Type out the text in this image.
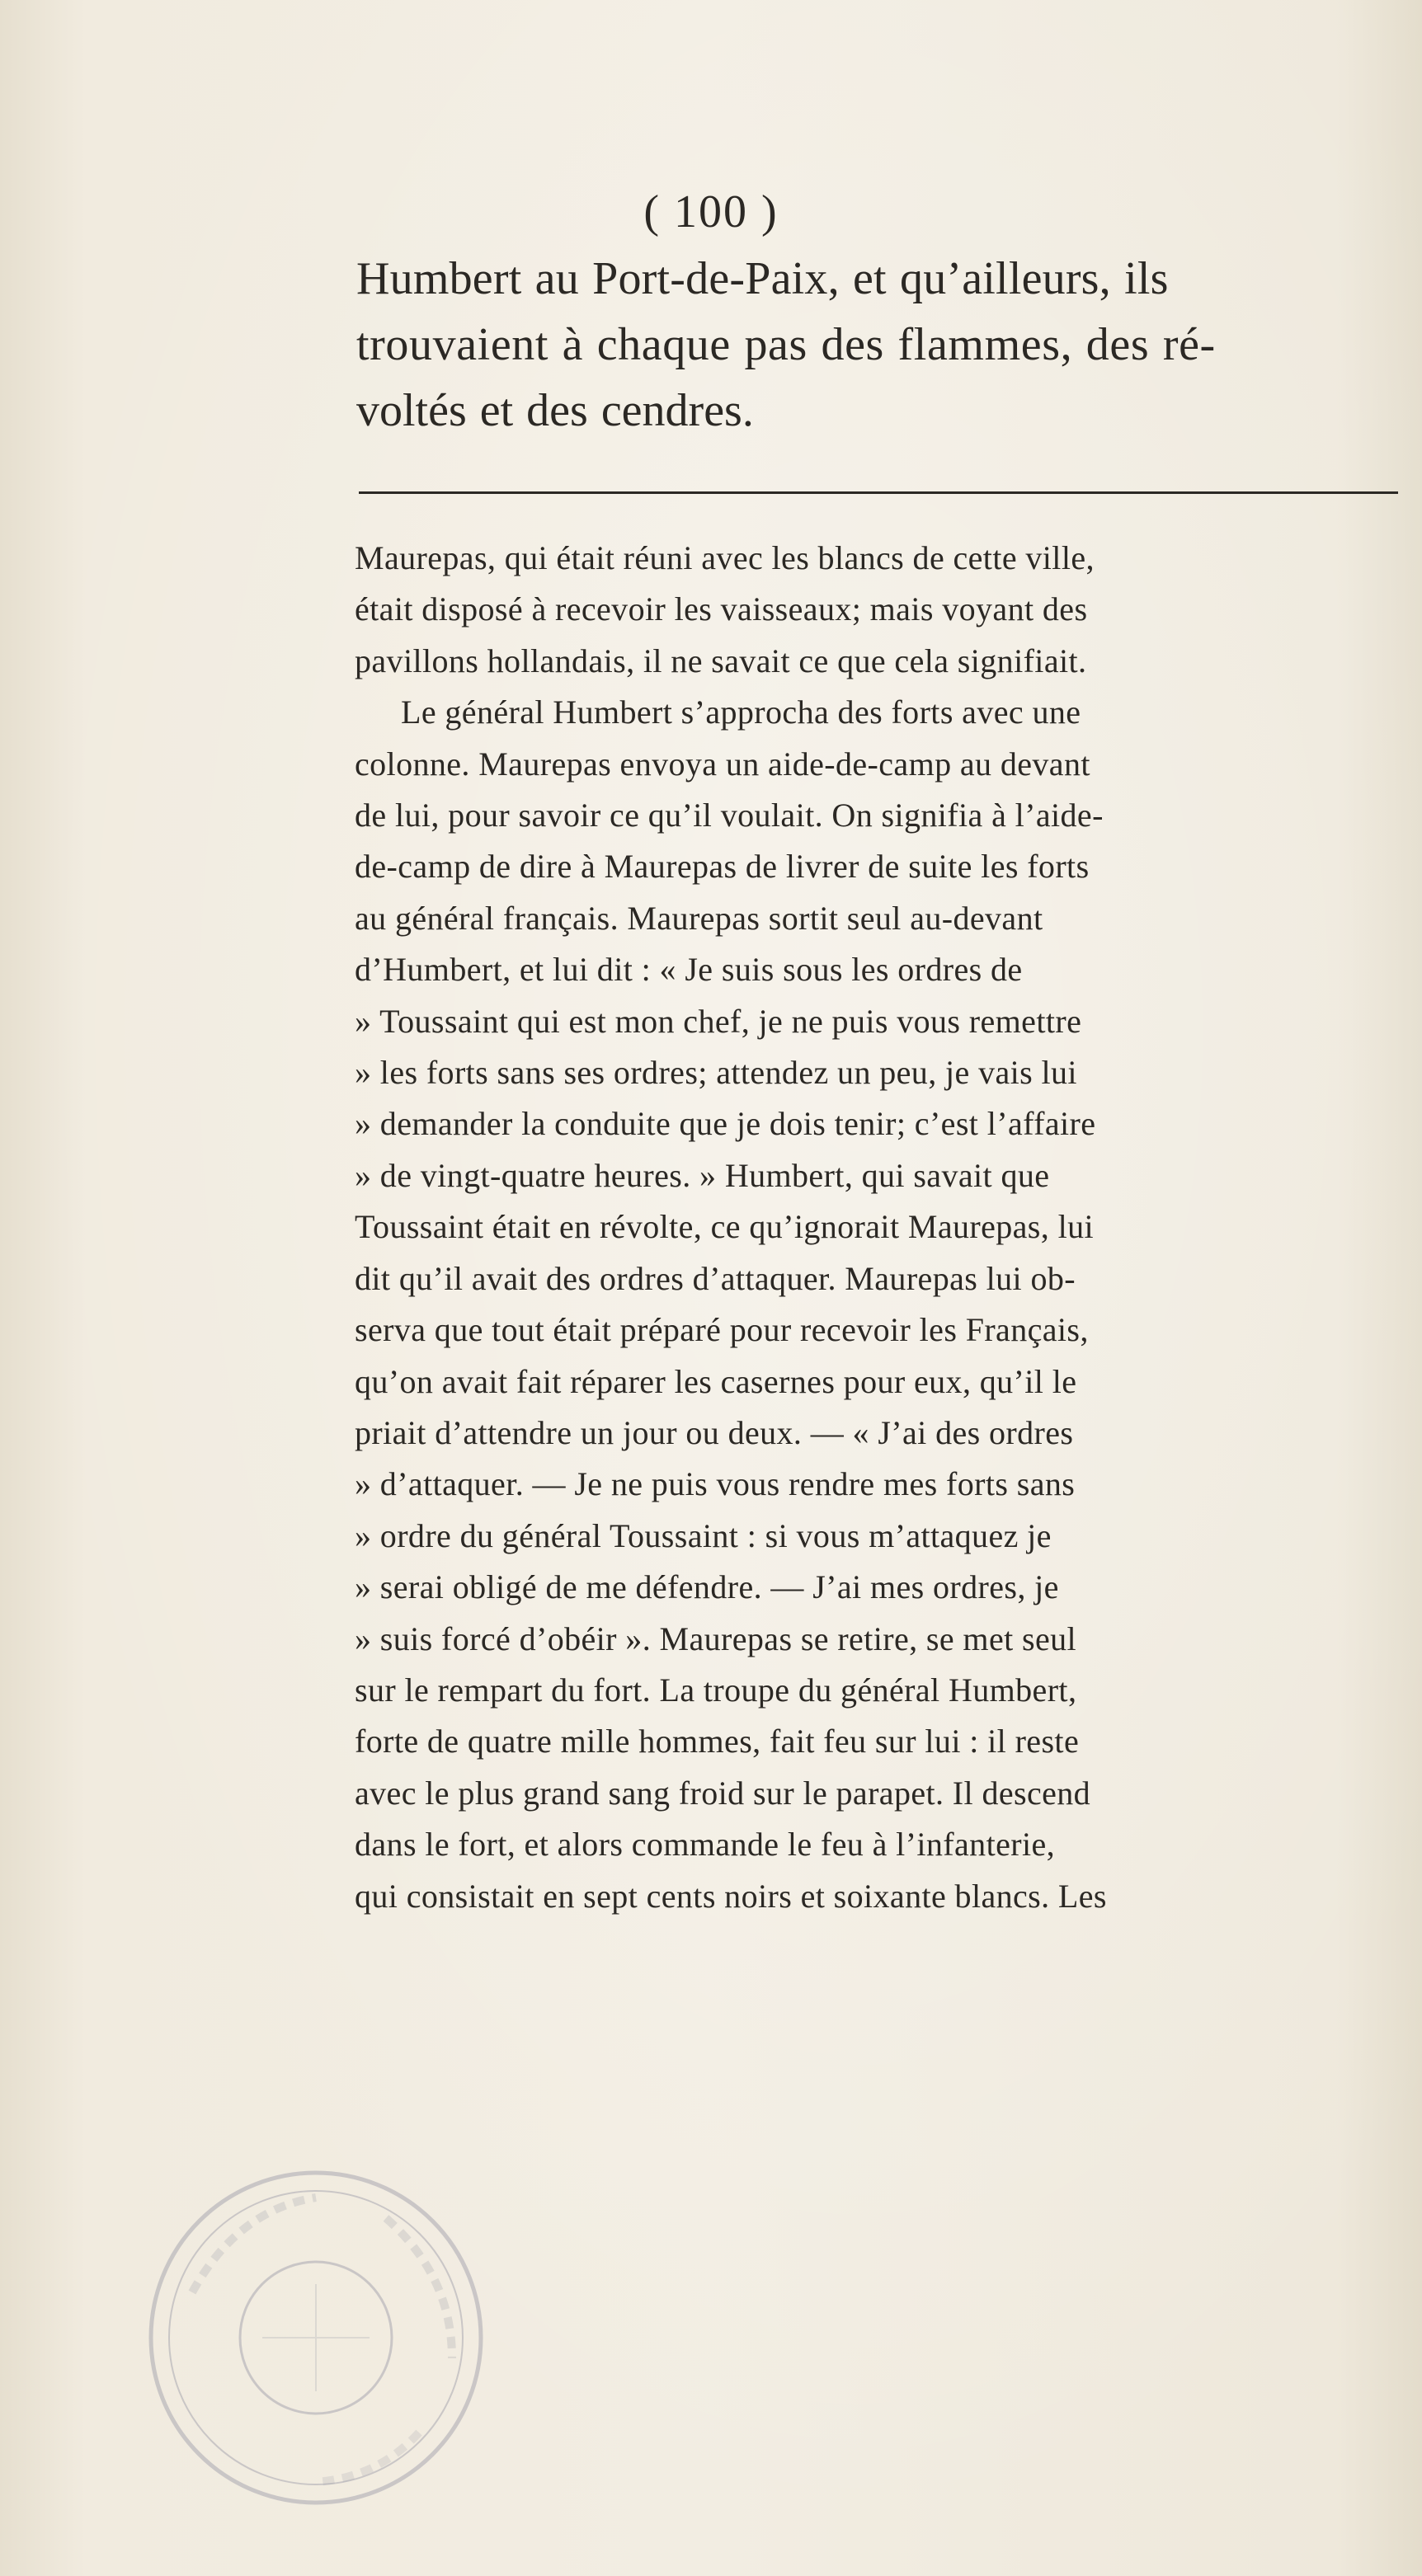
( 100 )
Humbert au Port-de-Paix, et qu’ailleurs, ils
trouvaient à chaque pas des flammes, des ré-
voltés et des cendres.
Maurepas, qui était réuni avec les blancs de cette ville,
était disposé à recevoir les vaisseaux; mais voyant des
pavillons hollandais, il ne savait ce que cela signifiait.
Le général Humbert s’approcha des forts avec une
colonne. Maurepas envoya un aide-de-camp au devant
de lui, pour savoir ce qu’il voulait. On signifia à l’aide-
de-camp de dire à Maurepas de livrer de suite les forts
au général français. Maurepas sortit seul au-devant
d’Humbert, et lui dit : « Je suis sous les ordres de
» Toussaint qui est mon chef, je ne puis vous remettre
» les forts sans ses ordres; attendez un peu, je vais lui
» demander la conduite que je dois tenir; c’est l’affaire
» de vingt-quatre heures. » Humbert, qui savait que
Toussaint était en révolte, ce qu’ignorait Maurepas, lui
dit qu’il avait des ordres d’attaquer. Maurepas lui ob-
serva que tout était préparé pour recevoir les Français,
qu’on avait fait réparer les casernes pour eux, qu’il le
priait d’attendre un jour ou deux. — « J’ai des ordres
» d’attaquer. — Je ne puis vous rendre mes forts sans
» ordre du général Toussaint : si vous m’attaquez je
» serai obligé de me défendre. — J’ai mes ordres, je
» suis forcé d’obéir ». Maurepas se retire, se met seul
sur le rempart du fort. La troupe du général Humbert,
forte de quatre mille hommes, fait feu sur lui : il reste
avec le plus grand sang froid sur le parapet. Il descend
dans le fort, et alors commande le feu à l’infanterie,
qui consistait en sept cents noirs et soixante blancs. Les
